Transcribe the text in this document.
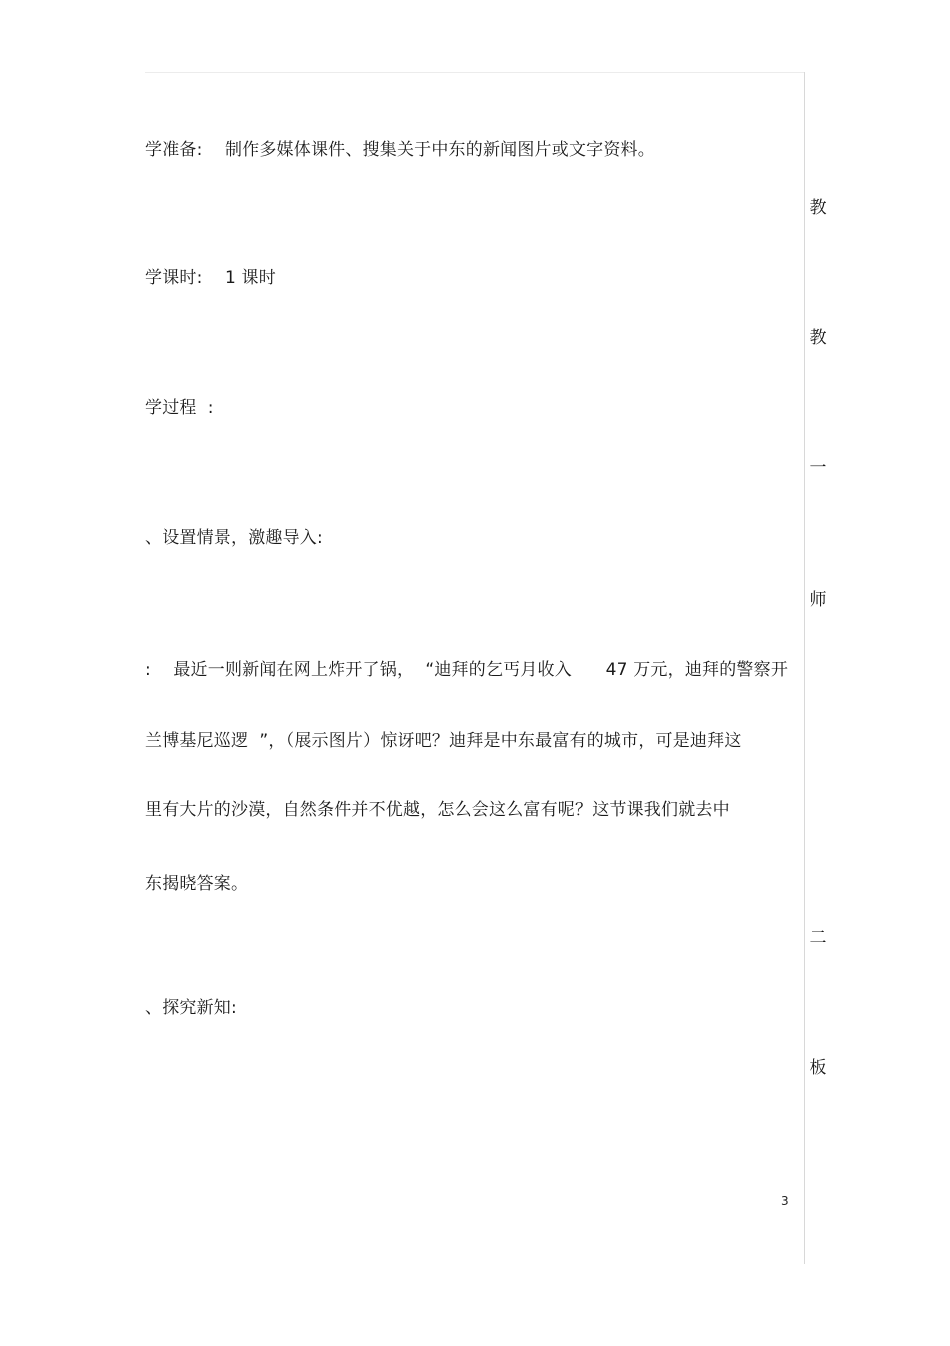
学准备:    制作多媒体课件、搜集关于中东的新闻图片或文字资料。
学课时:    1 课时
学过程  :
、设置情景，激趣导入:
:    最近一则新闻在网上炸开了锅，  “迪拜的乞丐月收入      47 万元，迪拜的警察开
兰博基尼巡逻  ”，（展示图片）惊讶吧？迪拜是中东最富有的城市，可是迪拜这
里有大片的沙漠，自然条件并不优越，怎么会这么富有呢？这节课我们就去中
东揭晓答案。
、探究新知:
教
教
一
师
二
板
3
